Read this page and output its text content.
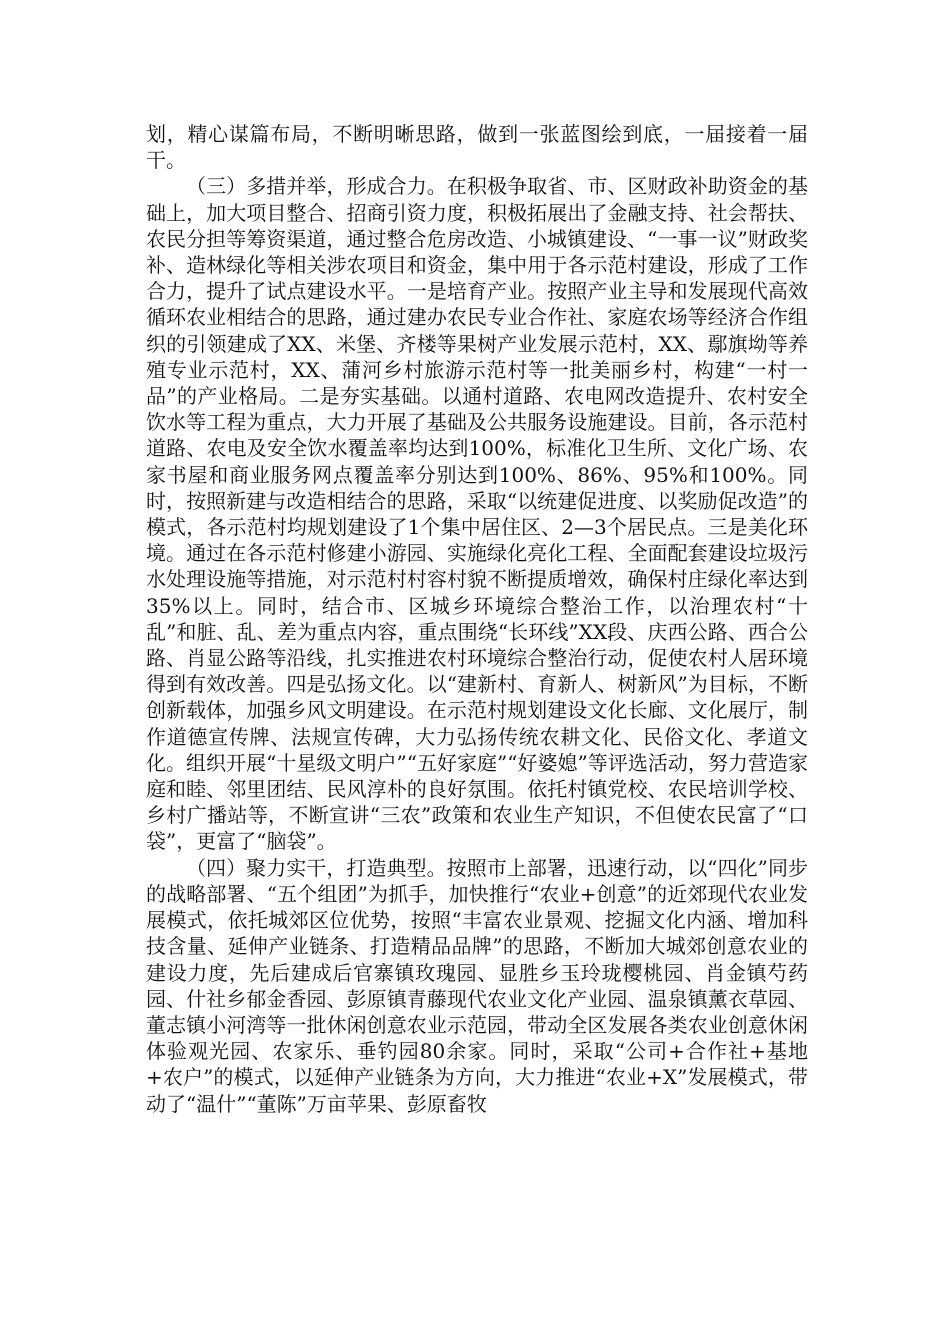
划，精心谋篇布局，不断明晰思路，做到一张蓝图绘到底，一届接着一届干。

（三）多措并举，形成合力。在积极争取省、市、区财政补助资金的基础上，加大项目整合、招商引资力度，积极拓展出了金融支持、社会帮扶、农民分担等筹资渠道，通过整合危房改造、小城镇建设、“一事一议”财政奖补、造林绿化等相关涉农项目和资金，集中用于各示范村建设，形成了工作合力，提升了试点建设水平。一是培育产业。按照产业主导和发展现代高效循环农业相结合的思路，通过建办农民专业合作社、家庭农场等经济合作组织的引领建成了XX、米堡、齐楼等果树产业发展示范村，XX、鄢旗坳等养殖专业示范村，XX、蒲河乡村旅游示范村等一批美丽乡村，构建“一村一品”的产业格局。二是夯实基础。以通村道路、农电网改造提升、农村安全饮水等工程为重点，大力开展了基础及公共服务设施建设。目前，各示范村道路、农电及安全饮水覆盖率均达到100%，标准化卫生所、文化广场、农家书屋和商业服务网点覆盖率分别达到100%、86%、95%和100%。同时，按照新建与改造相结合的思路，采取“以统建促进度、以奖励促改造”的模式，各示范村均规划建设了1个集中居住区、2—3个居民点。三是美化环境。通过在各示范村修建小游园、实施绿化亮化工程、全面配套建设垃圾污水处理设施等措施，对示范村村容村貌不断提质增效，确保村庄绿化率达到35%以上。同时，结合市、区城乡环境综合整治工作，以治理农村“十乱”和脏、乱、差为重点内容，重点围绕“长环线”XX段、庆西公路、西合公路、肖显公路等沿线，扎实推进农村环境综合整治行动，促使农村人居环境得到有效改善。四是弘扬文化。以“建新村、育新人、树新风”为目标，不断创新载体，加强乡风文明建设。在示范村规划建设文化长廊、文化展厅，制作道德宣传牌、法规宣传碑，大力弘扬传统农耕文化、民俗文化、孝道文化。组织开展“十星级文明户”“五好家庭”“好婆媳”等评选活动，努力营造家庭和睦、邻里团结、民风淳朴的良好氛围。依托村镇党校、农民培训学校、乡村广播站等，不断宣讲“三农”政策和农业生产知识，不但使农民富了“口袋”，更富了“脑袋”。

（四）聚力实干，打造典型。按照市上部署，迅速行动，以“四化”同步的战略部署、“五个组团”为抓手，加快推行“农业+创意”的近郊现代农业发展模式，依托城郊区位优势，按照“丰富农业景观、挖掘文化内涵、增加科技含量、延伸产业链条、打造精品品牌”的思路，不断加大城郊创意农业的建设力度，先后建成后官寨镇玫瑰园、显胜乡玉玲珑樱桃园、肖金镇芍药园、什社乡郁金香园、彭原镇青藤现代农业文化产业园、温泉镇薰衣草园、董志镇小河湾等一批休闲创意农业示范园，带动全区发展各类农业创意休闲体验观光园、农家乐、垂钓园80余家。同时，采取“公司+合作社+基地+农户”的模式，以延伸产业链条为方向，大力推进“农业+X”发展模式，带动了“温什”“董陈”万亩苹果、彭原畜牧
